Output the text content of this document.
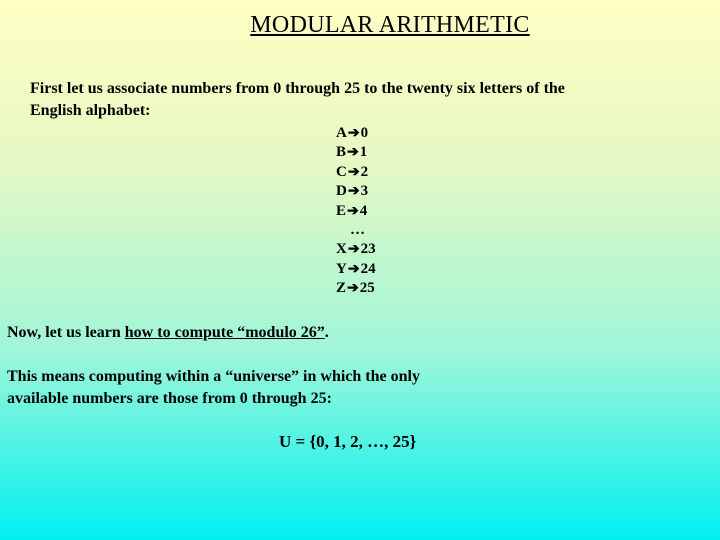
MODULAR ARITHMETIC
First let us associate numbers from 0 through 25 to the twenty six letters of the English alphabet:
A➔0
B➔1
C➔2
D➔3
E➔4
…
X➔23
Y➔24
Z➔25
Now, let us learn how to compute “modulo 26”.
This means computing within a “universe” in which the only available numbers are those from 0 through 25:
U = {0, 1, 2, …, 25}
